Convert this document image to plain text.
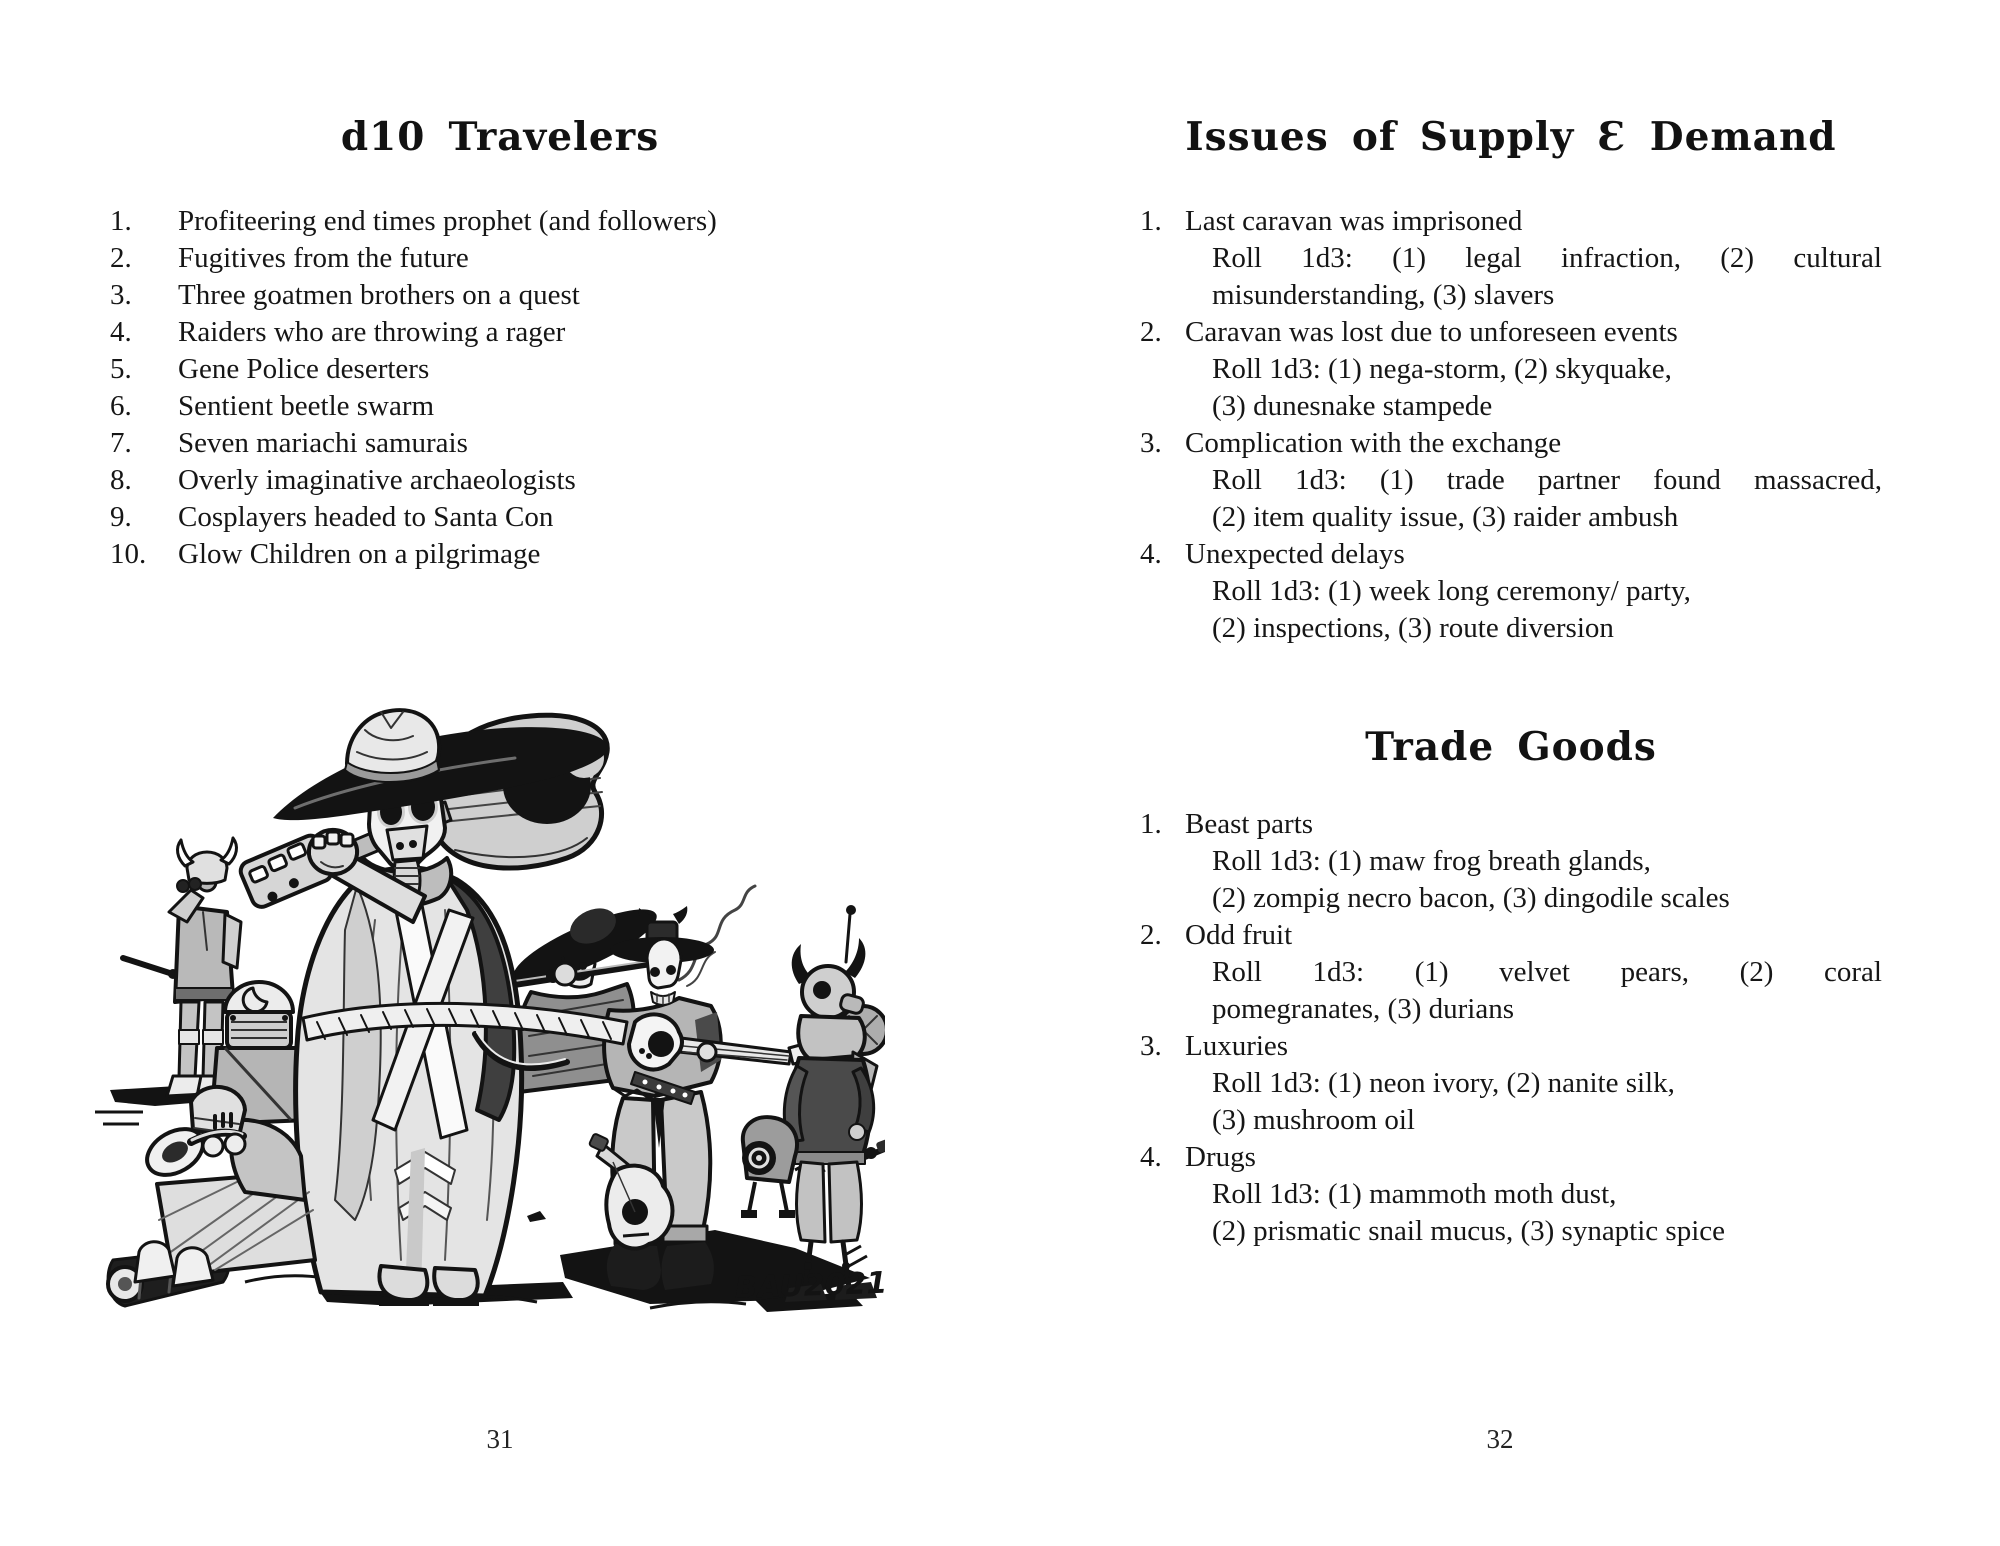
d10 Travelers
1.	Profiteering end times prophet (and followers)
2.	Fugitives from the future
3.	Three goatmen brothers on a quest
4.	Raiders who are throwing a rager
5.	Gene Police deserters
6.	Sentient beetle swarm
7.	Seven mariachi samurais
8.	Overly imaginative archaeologists
9.	Cosplayers headed to Santa Con
10.	Glow Children on a pilgrimage
BAU2021
31
Issues of Supply Ɛ Demand
1. Last caravan was imprisoned
Roll 1d3: (1) legal infraction, (2) cultural
misunderstanding, (3) slavers
2. Caravan was lost due to unforeseen events
Roll 1d3: (1) nega-storm, (2) skyquake,
(3) dunesnake stampede
3. Complication with the exchange
Roll 1d3: (1) trade partner found massacred,
(2) item quality issue, (3) raider ambush
4. Unexpected delays
Roll 1d3: (1) week long ceremony/ party,
(2) inspections, (3) route diversion
Trade Goods
1. Beast parts
Roll 1d3: (1) maw frog breath glands,
(2) zompig necro bacon, (3) dingodile scales
2. Odd fruit
Roll 1d3: (1) velvet pears, (2) coral
pomegranates, (3) durians
3. Luxuries
Roll 1d3: (1) neon ivory, (2) nanite silk,
(3) mushroom oil
4. Drugs
Roll 1d3: (1) mammoth moth dust,
(2) prismatic snail mucus, (3) synaptic spice
32
